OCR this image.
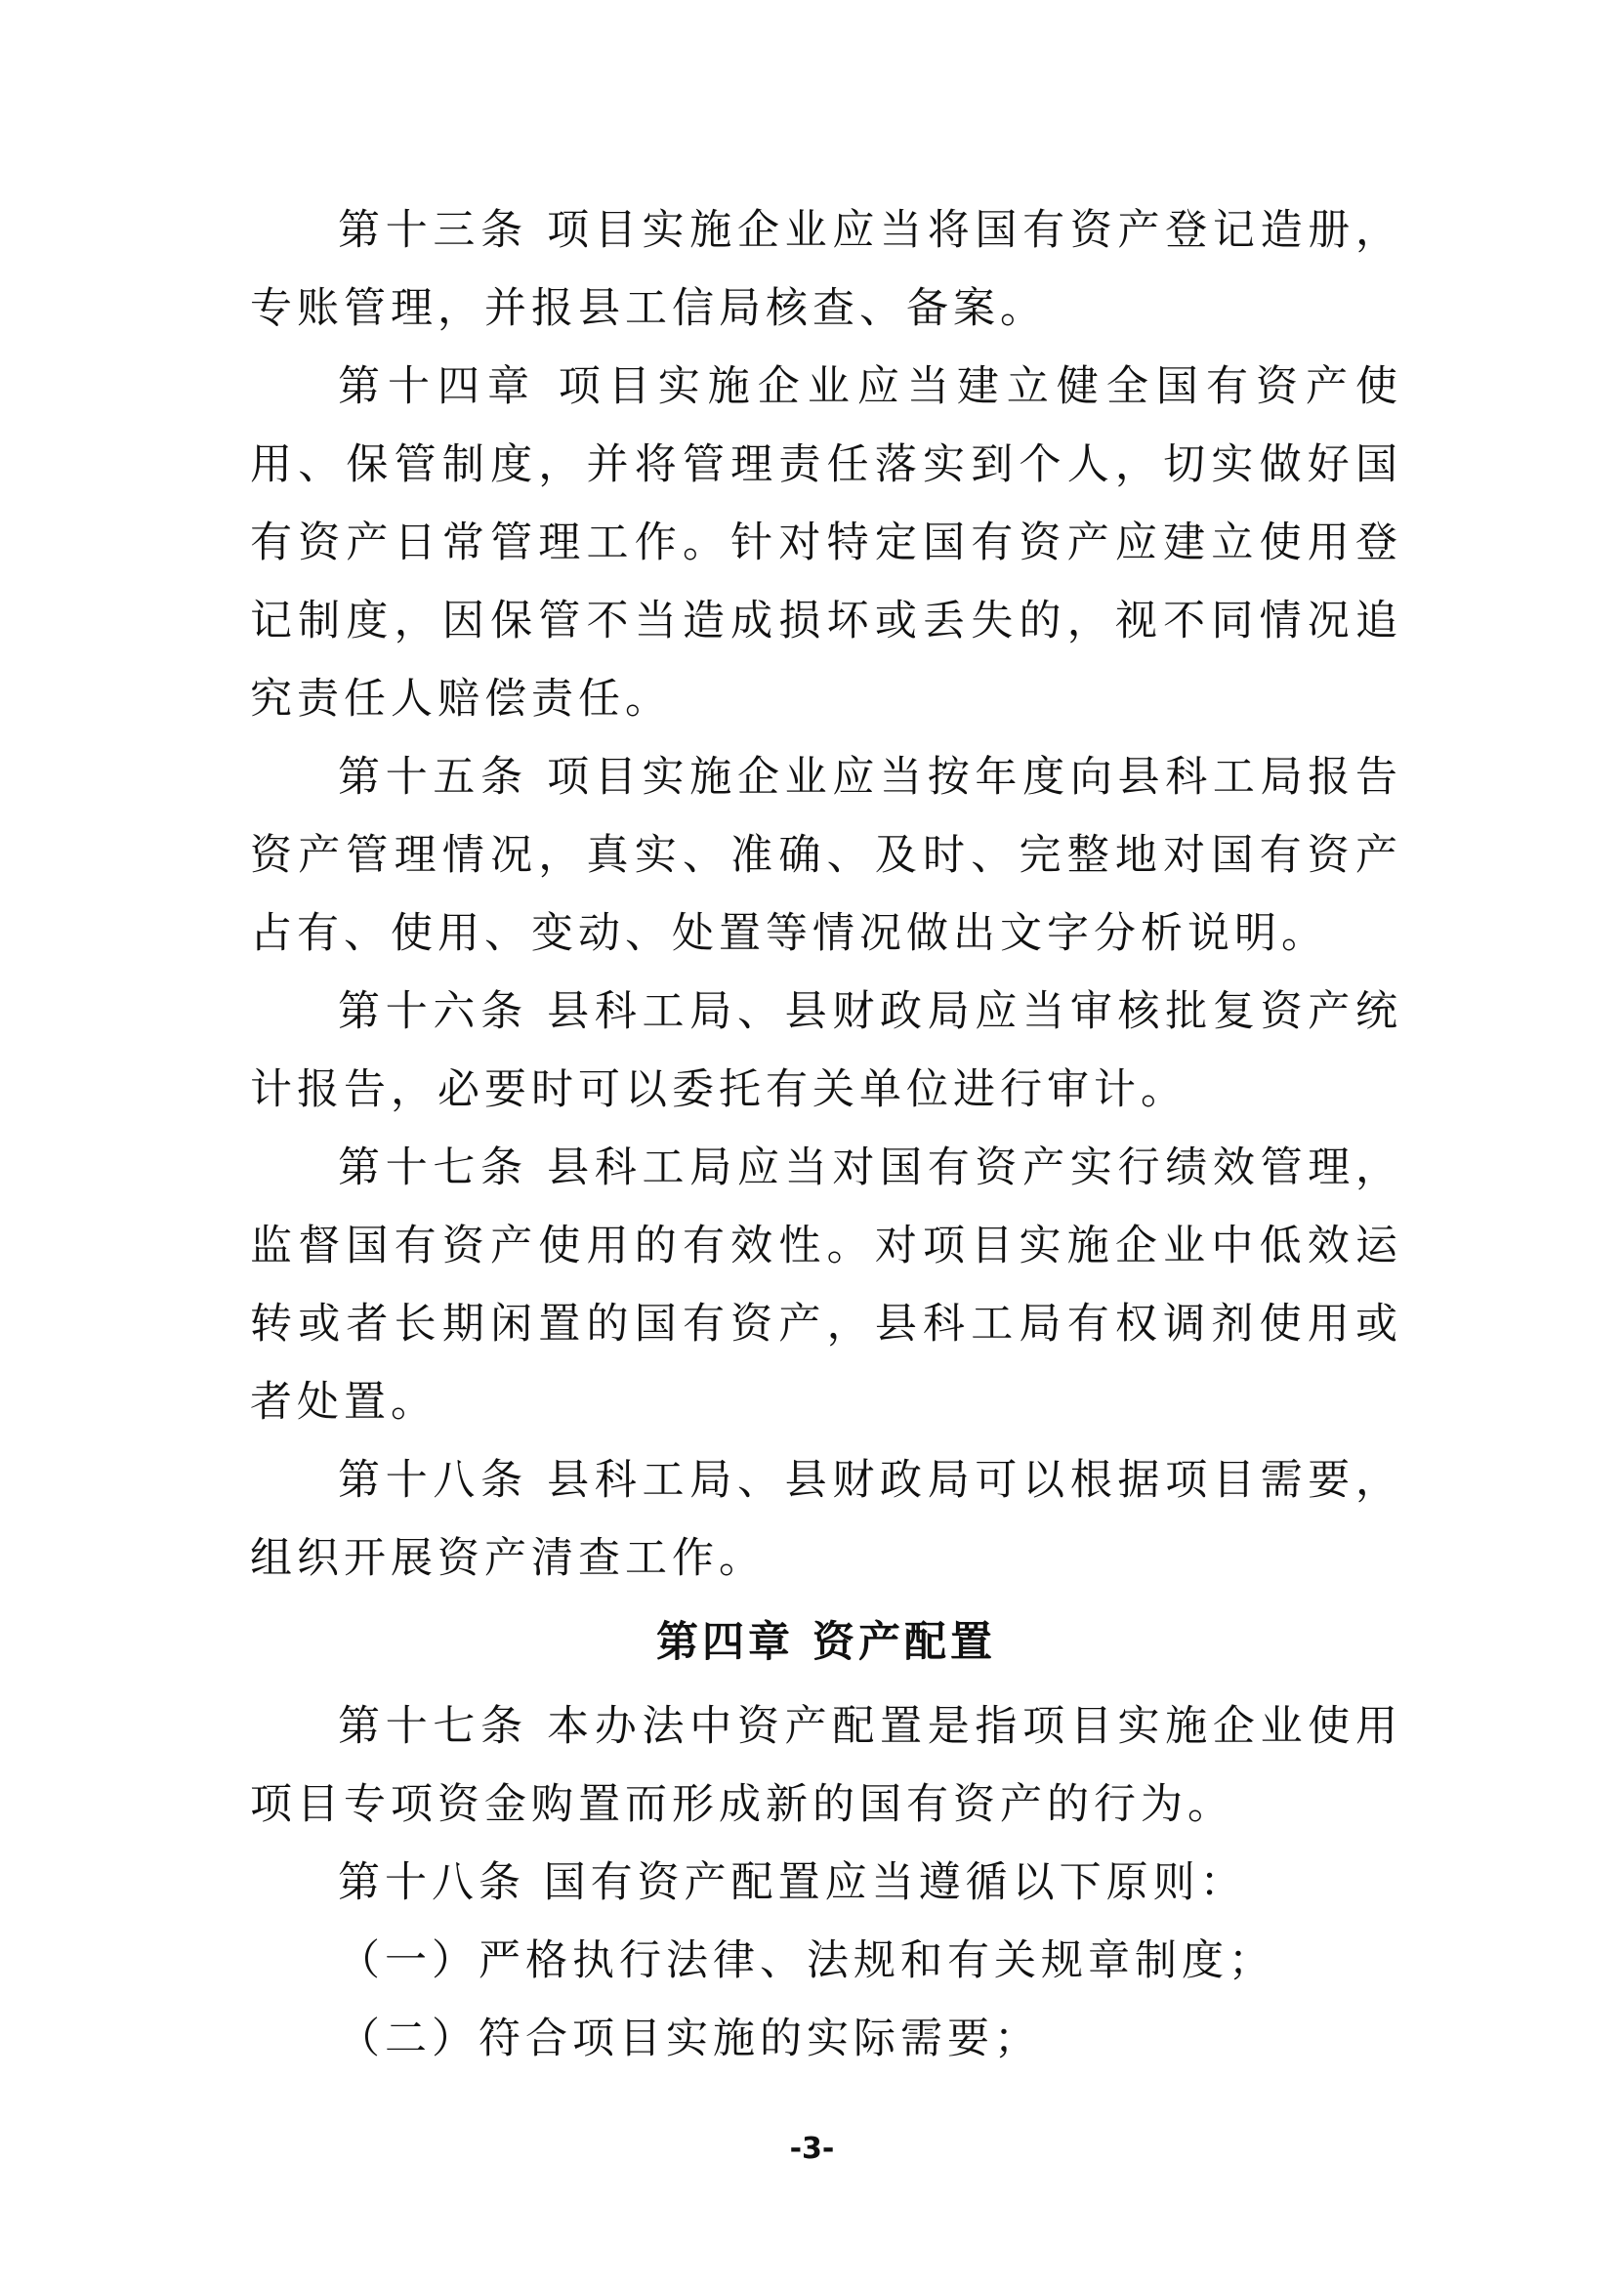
第十三条 项目实施企业应当将国有资产登记造册，专账管理，并报县工信局核查、备案。

第十四章 项目实施企业应当建立健全国有资产使用、保管制度，并将管理责任落实到个人，切实做好国有资产日常管理工作。针对特定国有资产应建立使用登记制度，因保管不当造成损坏或丢失的，视不同情况追究责任人赔偿责任。

第十五条 项目实施企业应当按年度向县科工局报告资产管理情况，真实、准确、及时、完整地对国有资产占有、使用、变动、处置等情况做出文字分析说明。

第十六条 县科工局、县财政局应当审核批复资产统计报告，必要时可以委托有关单位进行审计。

第十七条 县科工局应当对国有资产实行绩效管理，监督国有资产使用的有效性。对项目实施企业中低效运转或者长期闲置的国有资产，县科工局有权调剂使用或者处置。

第十八条 县科工局、县财政局可以根据项目需要，组织开展资产清查工作。

第四章 资产配置

第十七条 本办法中资产配置是指项目实施企业使用项目专项资金购置而形成新的国有资产的行为。

第十八条 国有资产配置应当遵循以下原则：

（一）严格执行法律、法规和有关规章制度；

（二）符合项目实施的实际需要；

-3-
